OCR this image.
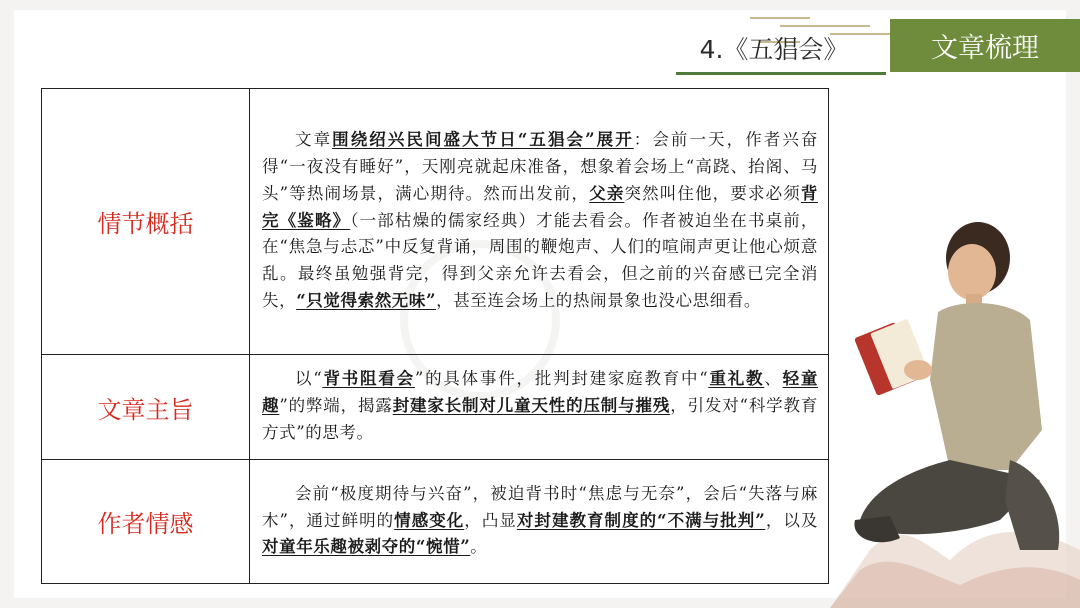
4.《五猖会》	文章梳理
情节概括	文章围绕绍兴民间盛大节日“五猖会”展开：会前一天，作者兴奋得“一夜没有睡好”，天刚亮就起床准备，想象着会场上“高跷、抬阁、马头”等热闹场景，满心期待。然而出发前，父亲突然叫住他，要求必须背完《鉴略》（一部枯燥的儒家经典）才能去看会。作者被迫坐在书桌前，在“焦急与忐忑”中反复背诵，周围的鞭炮声、人们的喧闹声更让他心烦意乱。最终虽勉强背完，得到父亲允许去看会，但之前的兴奋感已完全消失，“只觉得索然无味”，甚至连会场上的热闹景象也没心思细看。
文章主旨	以“背书阻看会”的具体事件，批判封建家庭教育中“重礼教、轻童趣”的弊端，揭露封建家长制对儿童天性的压制与摧残，引发对“科学教育方式”的思考。
作者情感	会前“极度期待与兴奋”，被迫背书时“焦虑与无奈”，会后“失落与麻木”，通过鲜明的情感变化，凸显对封建教育制度的“不满与批判”，以及对童年乐趣被剥夺的“惋惜”。
